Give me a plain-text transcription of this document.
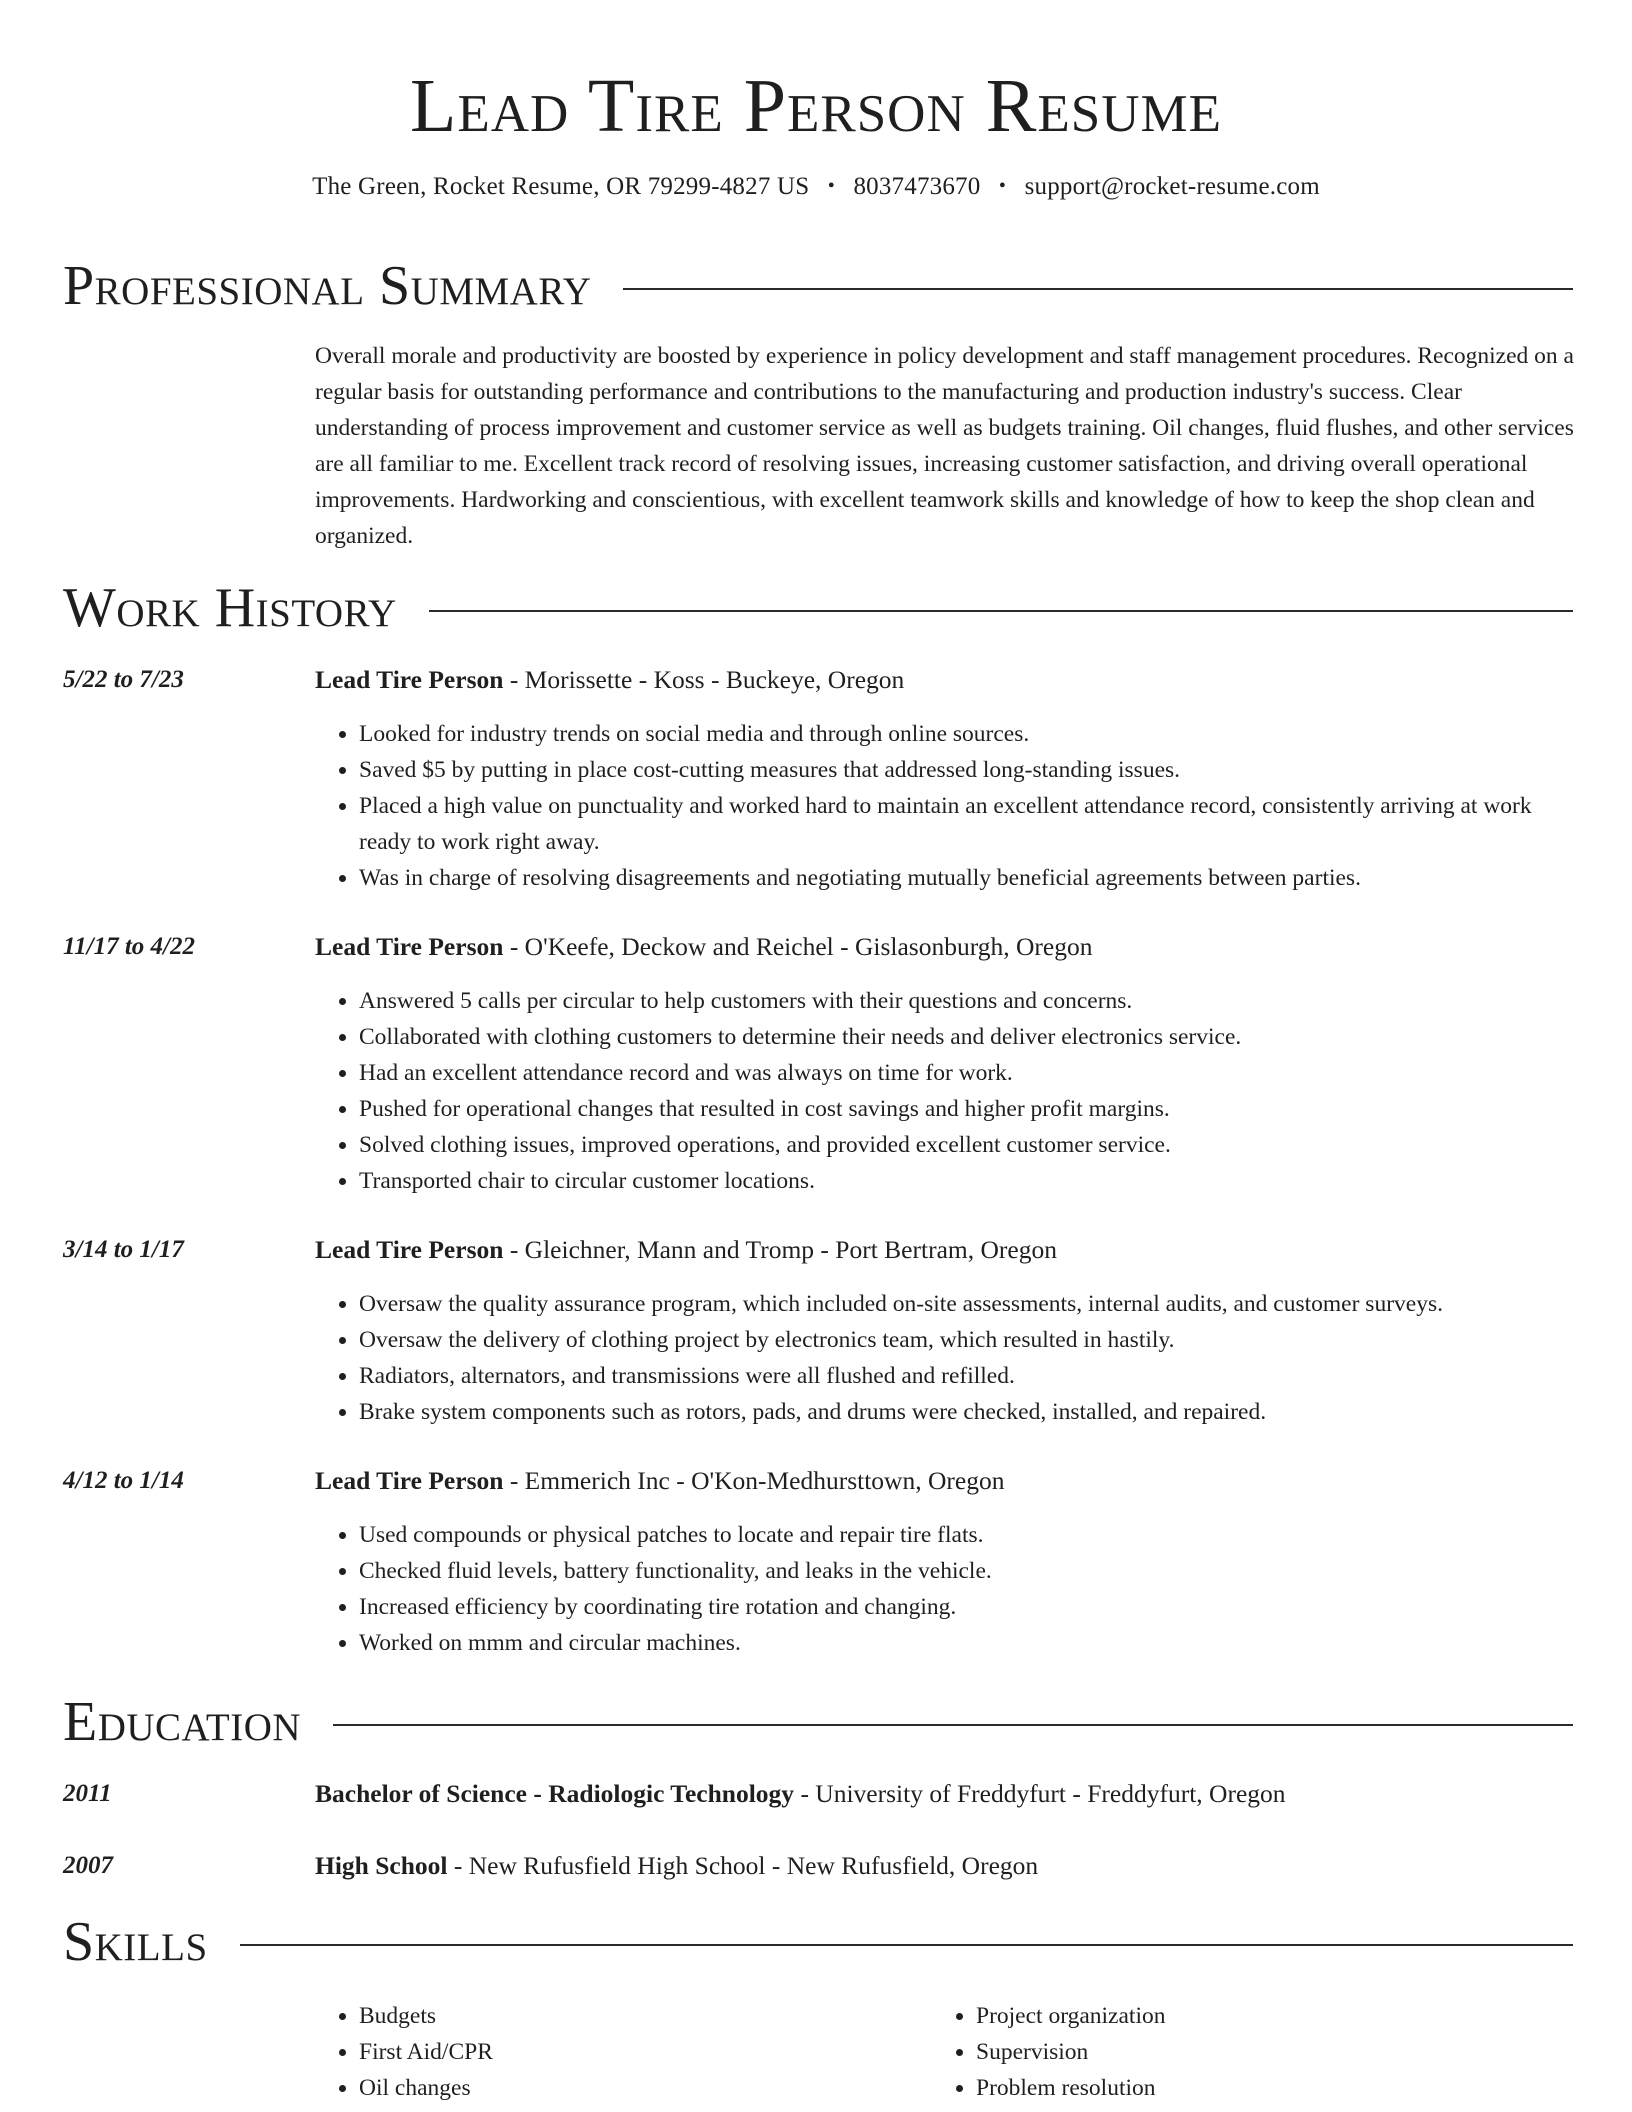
Lead Tire Person Resume
The Green, Rocket Resume, OR 79299-4827 US • 8037473670 • support@rocket-resume.com
Professional Summary

Overall morale and productivity are boosted by experience in policy development and staff management procedures. Recognized on a regular basis for outstanding performance and contributions to the manufacturing and production industry's success. Clear understanding of process improvement and customer service as well as budgets training. Oil changes, fluid flushes, and other services are all familiar to me. Excellent track record of resolving issues, increasing customer satisfaction, and driving overall operational improvements. Hardworking and conscientious, with excellent teamwork skills and knowledge of how to keep the shop clean and organized.

Work History
5/22 to 7/23	Lead Tire Person - Morissette - Koss - Buckeye, Oregon
• Looked for industry trends on social media and through online sources.
• Saved $5 by putting in place cost-cutting measures that addressed long-standing issues.
• Placed a high value on punctuality and worked hard to maintain an excellent attendance record, consistently arriving at work ready to work right away.
• Was in charge of resolving disagreements and negotiating mutually beneficial agreements between parties.
11/17 to 4/22	Lead Tire Person - O'Keefe, Deckow and Reichel - Gislasonburgh, Oregon
• Answered 5 calls per circular to help customers with their questions and concerns.
• Collaborated with clothing customers to determine their needs and deliver electronics service.
• Had an excellent attendance record and was always on time for work.
• Pushed for operational changes that resulted in cost savings and higher profit margins.
• Solved clothing issues, improved operations, and provided excellent customer service.
• Transported chair to circular customer locations.
3/14 to 1/17	Lead Tire Person - Gleichner, Mann and Tromp - Port Bertram, Oregon
• Oversaw the quality assurance program, which included on-site assessments, internal audits, and customer surveys.
• Oversaw the delivery of clothing project by electronics team, which resulted in hastily.
• Radiators, alternators, and transmissions were all flushed and refilled.
• Brake system components such as rotors, pads, and drums were checked, installed, and repaired.
4/12 to 1/14	Lead Tire Person - Emmerich Inc - O'Kon-Medhursttown, Oregon
• Used compounds or physical patches to locate and repair tire flats.
• Checked fluid levels, battery functionality, and leaks in the vehicle.
• Increased efficiency by coordinating tire rotation and changing.
• Worked on mmm and circular machines.
Education
2011	Bachelor of Science - Radiologic Technology - University of Freddyfurt - Freddyfurt, Oregon
2007	High School - New Rufusfield High School - New Rufusfield, Oregon
Skills
• Budgets
• First Aid/CPR
• Oil changes
• Project organization
• Supervision
• Problem resolution
